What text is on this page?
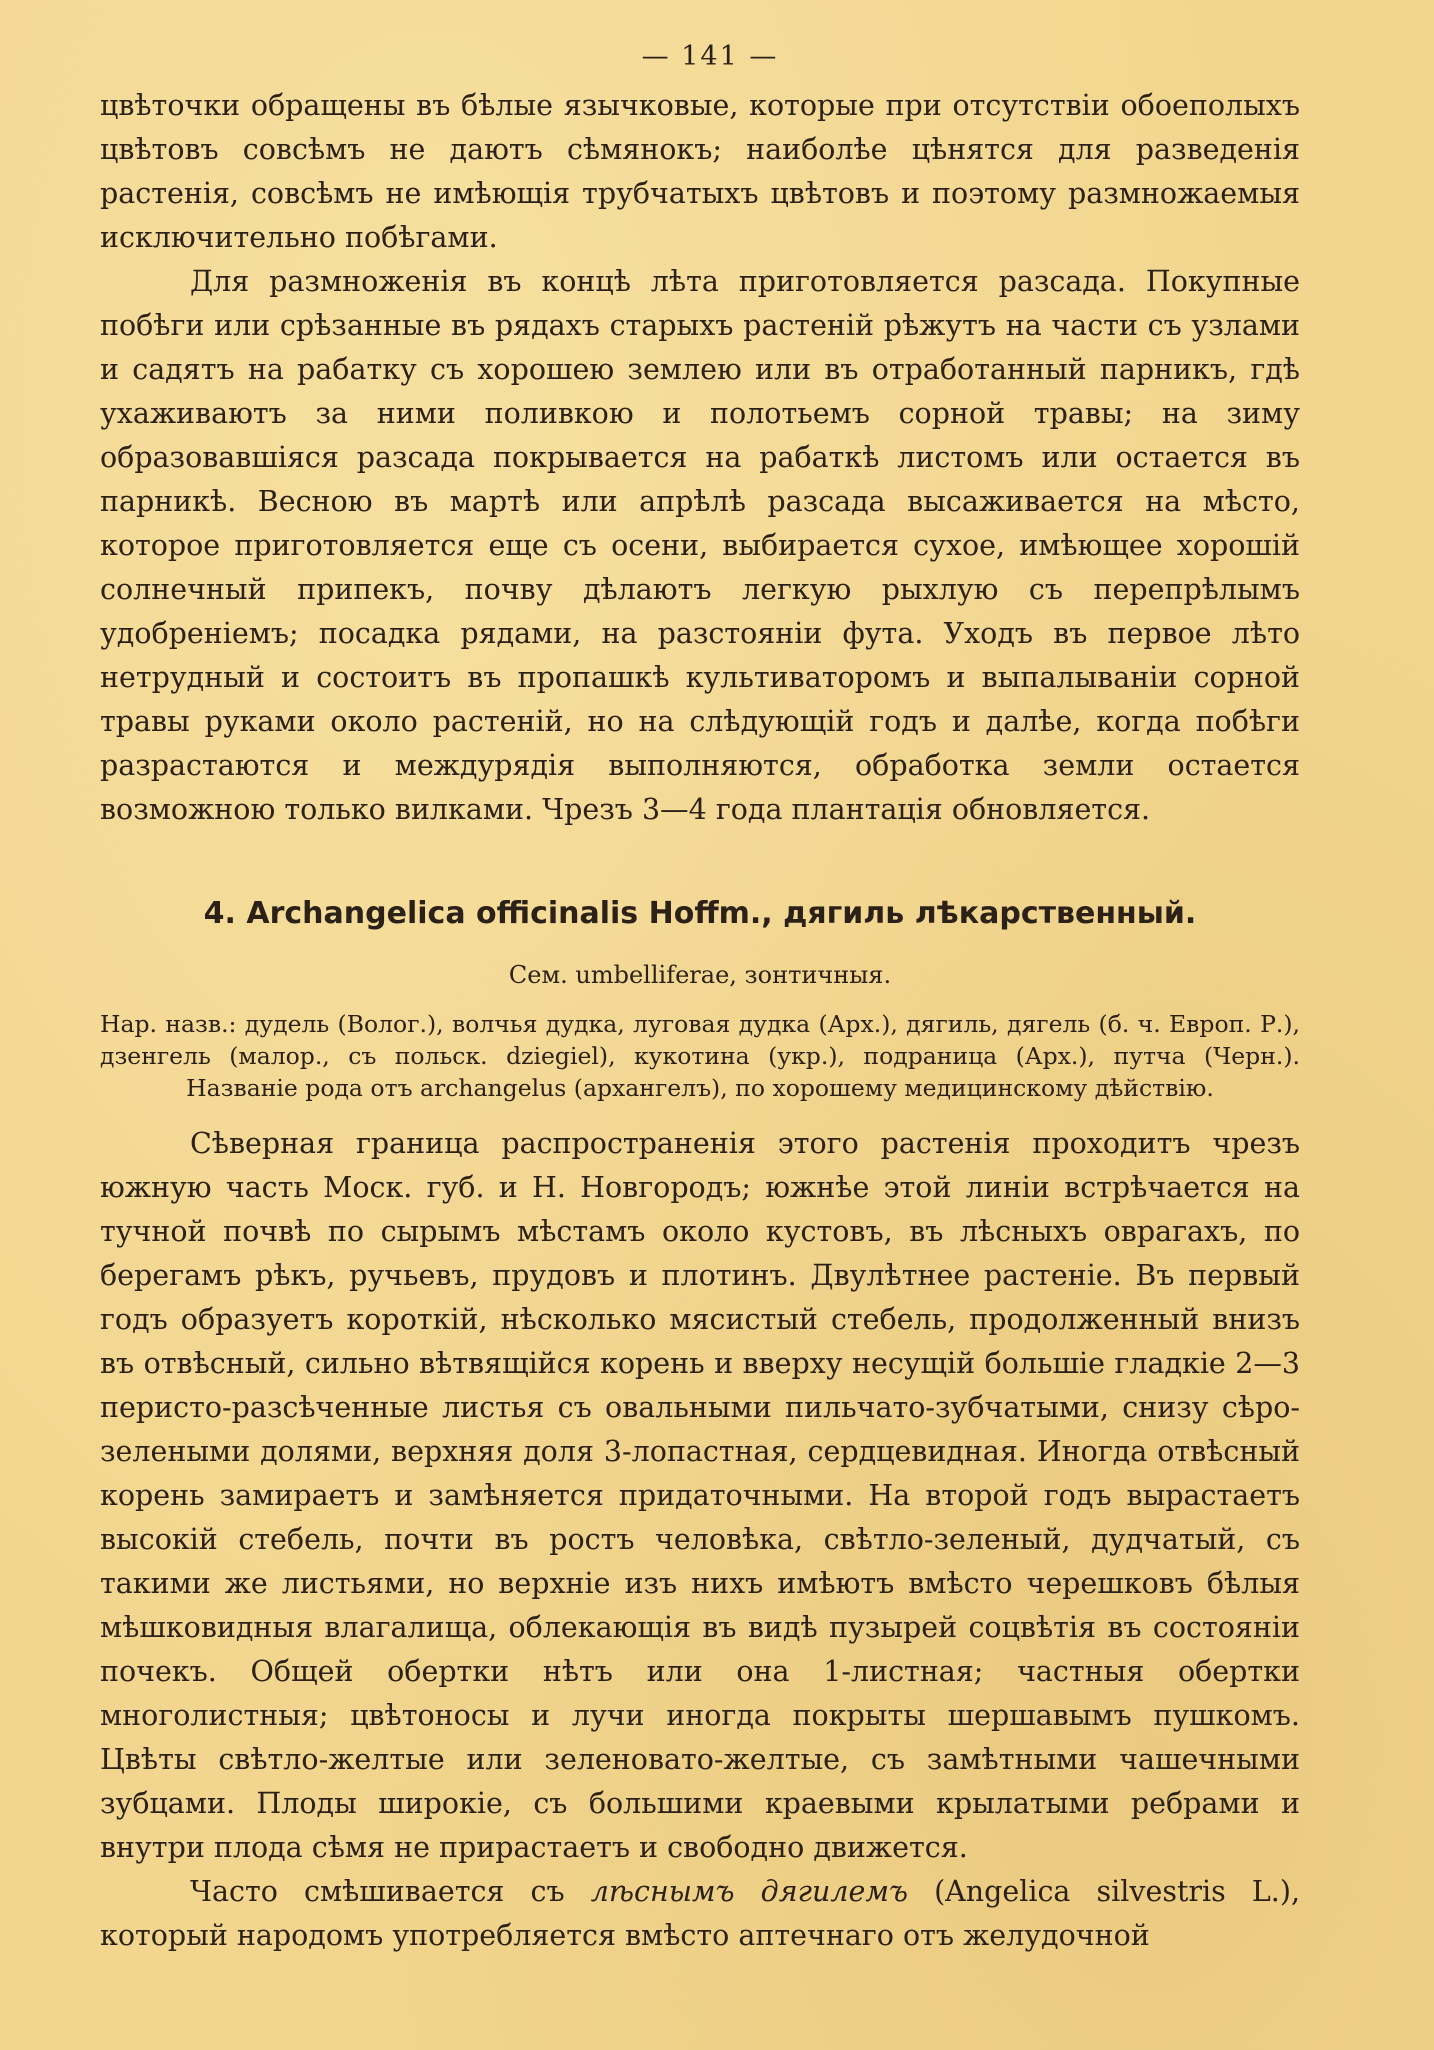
— 141 —

цвѣточки обращены въ бѣлые язычковые, которые при отсутствіи обоеполыхъ цвѣтовъ совсѣмъ не даютъ сѣмянокъ; наиболѣе цѣнятся для разведенія растенія, совсѣмъ не имѣющія трубчатыхъ цвѣтовъ и поэтому размножаемыя исключительно побѣгами.

Для размноженія въ концѣ лѣта приготовляется разсада. Покупные побѣги или срѣзанные въ рядахъ старыхъ растеній рѣжутъ на части съ узлами и садятъ на рабатку съ хорошею землею или въ отработанный парникъ, гдѣ ухаживаютъ за ними поливкою и полотьемъ сорной травы; на зиму образовавшіяся разсада покрывается на рабаткѣ листомъ или остается въ парникѣ. Весною въ мартѣ или апрѣлѣ разсада высаживается на мѣсто, которое приготовляется еще съ осени, выбирается сухое, имѣющее хорошій солнечный припекъ, почву дѣлаютъ легкую рыхлую съ перепрѣлымъ удобреніемъ; посадка рядами, на разстояніи фута. Уходъ въ первое лѣто нетрудный и состоитъ въ пропашкѣ культиваторомъ и выпалываніи сорной травы руками около растеній, но на слѣдующій годъ и далѣе, когда побѣги разрастаются и междурядія выполняются, обработка земли остается возможною только вилками. Чрезъ 3—4 года плантація обновляется.

4. Archangelica officinalis Hoffm., дягиль лѣкарственный.
Сем. umbelliferae, зонтичныя.
Нар. назв.: дудель (Волог.), волчья дудка, луговая дудка (Арх.), дягиль, дягель (б. ч. Европ. Р.), дзенгель (малор., съ польск. dziegiel), кукотина (укр.), подраница (Арх.), путча (Черн.). Названіе рода отъ archangelus (архангелъ), по хорошему медицинскому дѣйствію.

Сѣверная граница распространенія этого растенія проходитъ чрезъ южную часть Моск. губ. и Н. Новгородъ; южнѣе этой линіи встрѣчается на тучной почвѣ по сырымъ мѣстамъ около кустовъ, въ лѣсныхъ оврагахъ, по берегамъ рѣкъ, ручьевъ, прудовъ и плотинъ. Двулѣтнее растеніе. Въ первый годъ образуетъ короткій, нѣсколько мясистый стебель, продолженный внизъ въ отвѣсный, сильно вѣтвящійся корень и вверху несущій большіе гладкіе 2—3 перисто-разсѣченные листья съ овальными пильчато-зубчатыми, снизу сѣро-зелеными долями, верхняя доля 3-лопастная, сердцевидная. Иногда отвѣсный корень замираетъ и замѣняется придаточными. На второй годъ вырастаетъ высокій стебель, почти въ ростъ человѣка, свѣтло-зеленый, дудчатый, съ такими же листьями, но верхніе изъ нихъ имѣютъ вмѣсто черешковъ бѣлыя мѣшковидныя влагалища, облекающія въ видѣ пузырей соцвѣтія въ состояніи почекъ. Общей обертки нѣтъ или она 1-листная; частныя обертки многолистныя; цвѣтоносы и лучи иногда покрыты шершавымъ пушкомъ. Цвѣты свѣтло-желтые или зеленовато-желтые, съ замѣтными чашечными зубцами. Плоды широкіе, съ большими краевыми крылатыми ребрами и внутри плода сѣмя не прирастаетъ и свободно движется.

Часто смѣшивается съ лѣснымъ дягилемъ (Angelica silvestris L.), который народомъ употребляется вмѣсто аптечнаго отъ желудочной
